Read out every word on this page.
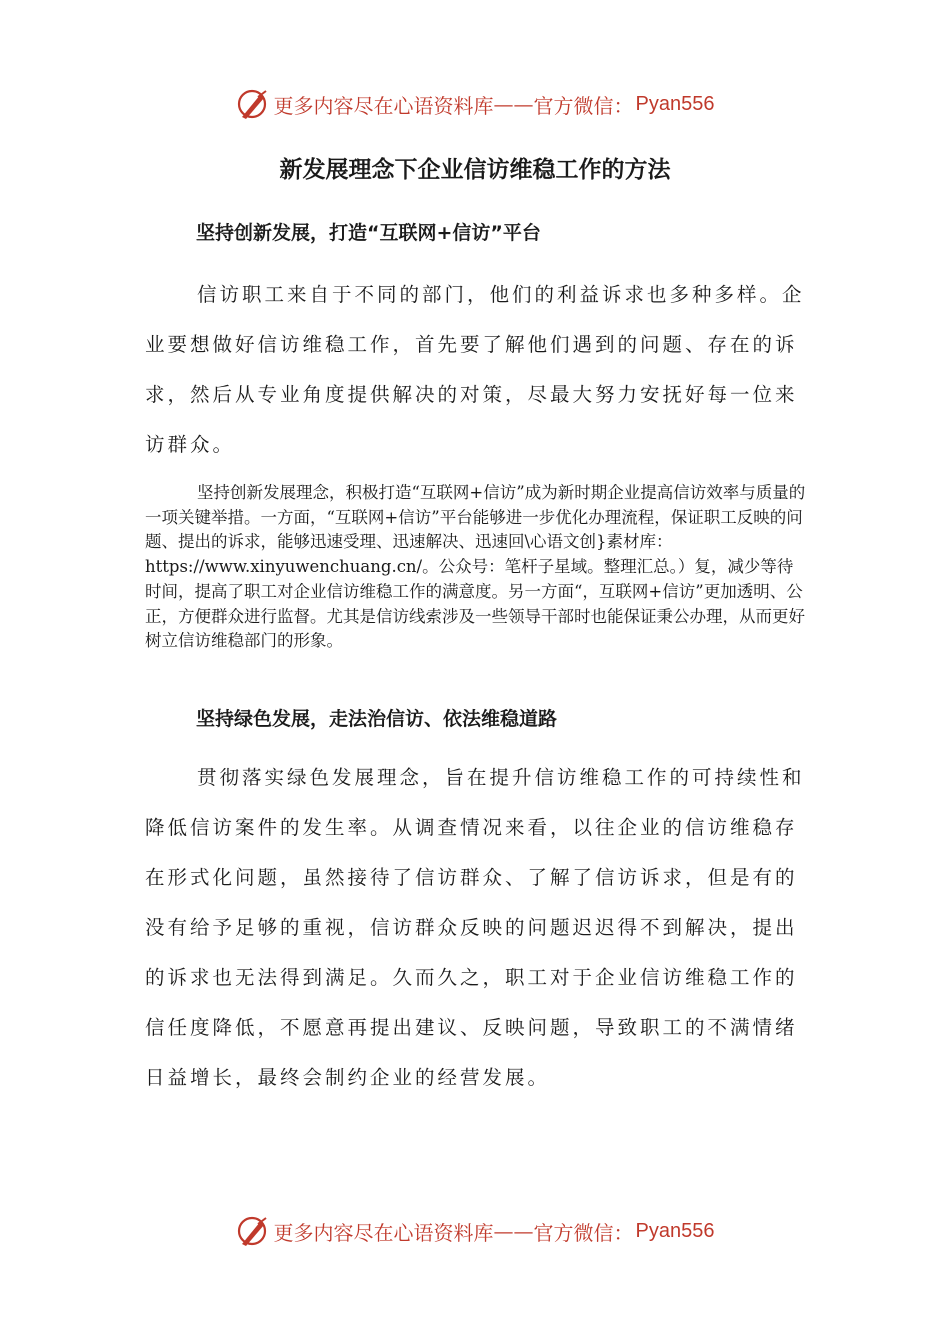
更多内容尽在心语资料库 —— 官方微信： Pyan556
新发展理念下企业信访维稳工作的方法
坚持创新发展，打造“互联网+信访”平台

信访职工来自于不同的部门，他们的利益诉求也多种多样。企业要想做好信访维稳工作，首先要了解他们遇到的问题、存在的诉求，然后从专业角度提供解决的对策，尽最大努力安抚好每一位来访群众。

坚持创新发展理念，积极打造“互联网+信访”成为新时期企业提高信访效率与质量的一项关键举措。一方面，“互联网+信访”平台能够进一步优化办理流程，保证职工反映的问题、提出的诉求，能够迅速受理、迅速解决、迅速回\心语文创}素材库：https://www.xinyuwenchuang.cn/。公众号：笔杆子星域。整理汇总。）复，减少等待时间，提高了职工对企业信访维稳工作的满意度。另一方面“，互联网+信访”更加透明、公正，方便群众进行监督。尤其是信访线索涉及一些领导干部时也能保证秉公办理，从而更好树立信访维稳部门的形象。

坚持绿色发展，走法治信访、依法维稳道路

贯彻落实绿色发展理念，旨在提升信访维稳工作的可持续性和降低信访案件的发生率。从调查情况来看，以往企业的信访维稳存在形式化问题，虽然接待了信访群众、了解了信访诉求，但是有的没有给予足够的重视，信访群众反映的问题迟迟得不到解决，提出的诉求也无法得到满足。久而久之，职工对于企业信访维稳工作的信任度降低，不愿意再提出建议、反映问题，导致职工的不满情绪日益增长，最终会制约企业的经营发展。

更多内容尽在心语资料库 —— 官方微信： Pyan556
